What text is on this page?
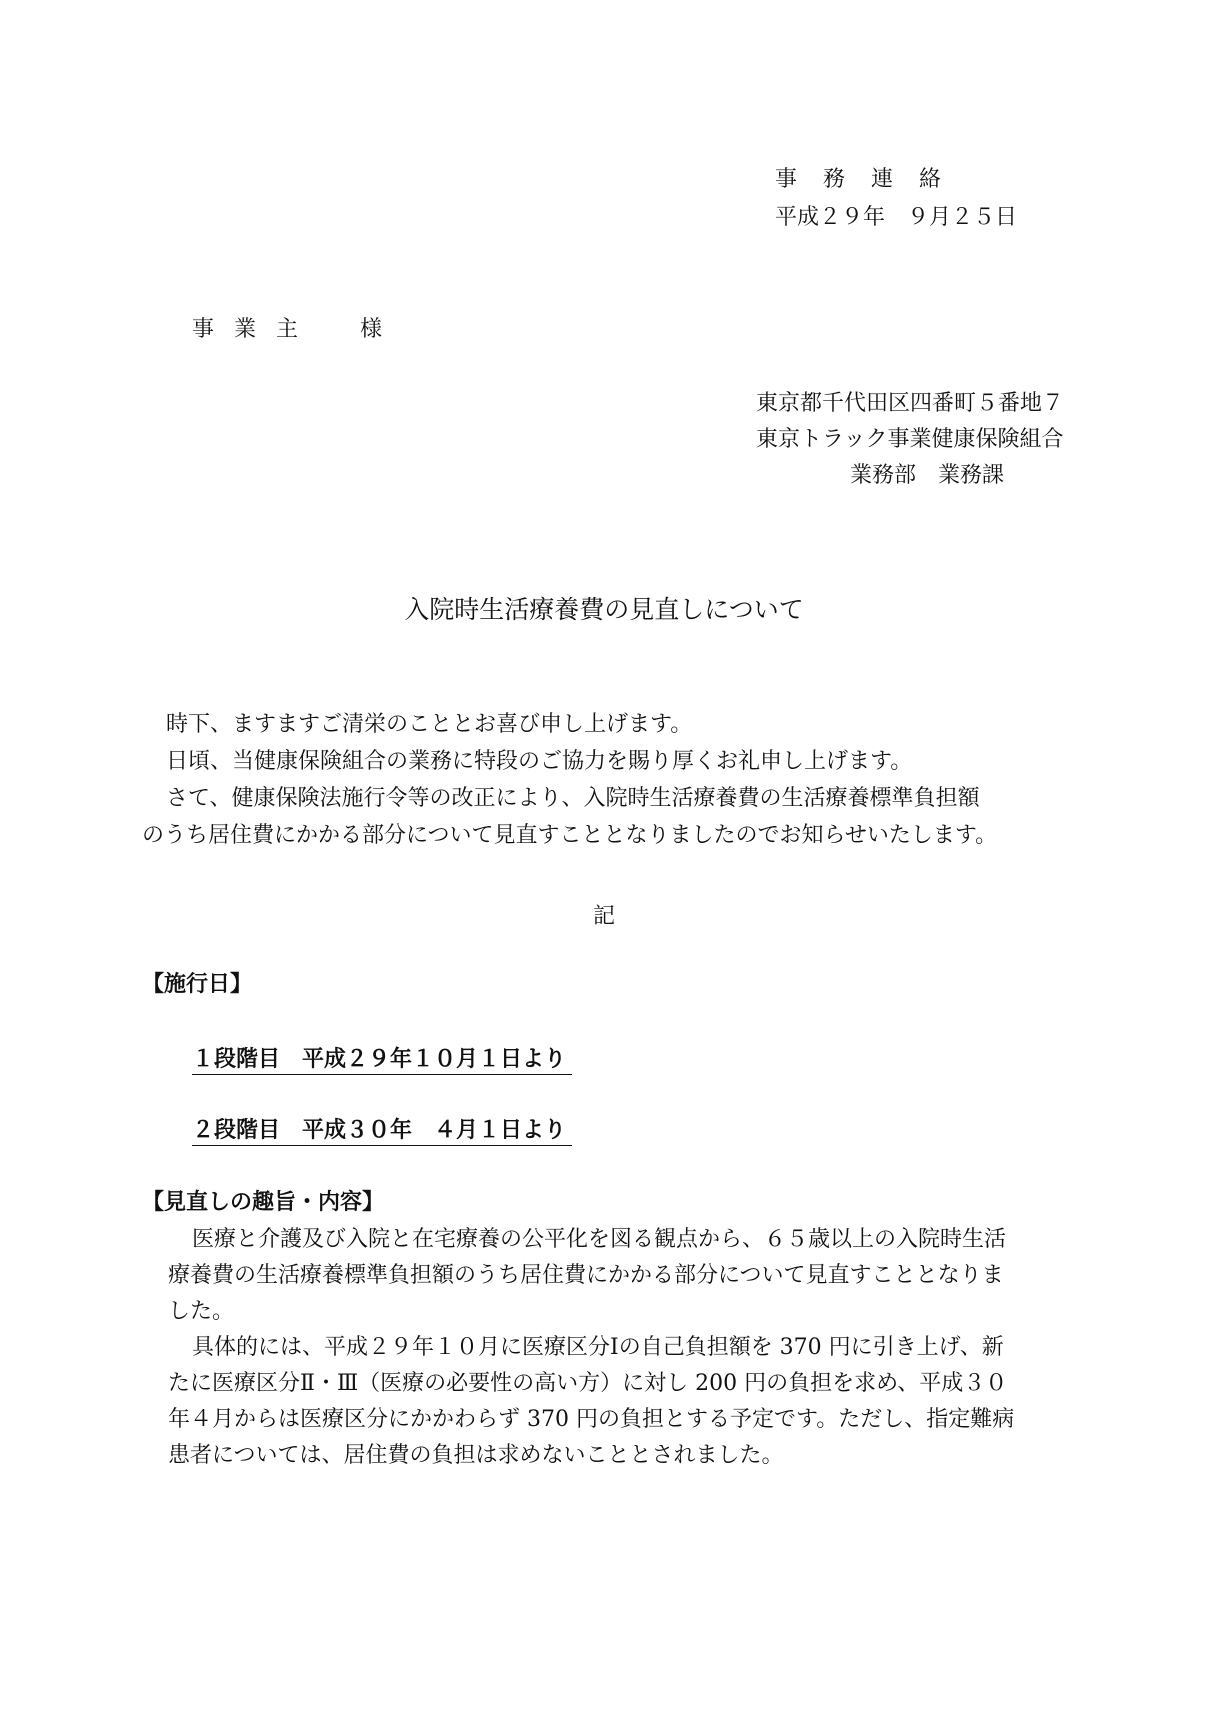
事務連絡
平成２９年　９月２５日
事業主　様
東京都千代田区四番町５番地７
東京トラック事業健康保険組合
業務部　業務課
入院時生活療養費の見直しについて
時下、ますますご清栄のこととお喜び申し上げます。
日頃、当健康保険組合の業務に特段のご協力を賜り厚くお礼申し上げます。
さて、健康保険法施行令等の改正により、入院時生活療養費の生活療養標準負担額
のうち居住費にかかる部分について見直すこととなりましたのでお知らせいたします。
記
【施行日】
１段階目　平成２９年１０月１日より
２段階目　平成３０年　４月１日より
【見直しの趣旨・内容】
医療と介護及び入院と在宅療養の公平化を図る観点から、６５歳以上の入院時生活
療養費の生活療養標準負担額のうち居住費にかかる部分について見直すこととなりま
した。
具体的には、平成２９年１０月に医療区分Ⅰの自己負担額を 370 円に引き上げ、新
たに医療区分Ⅱ・Ⅲ（医療の必要性の高い方）に対し 200 円の負担を求め、平成３０
年４月からは医療区分にかかわらず 370 円の負担とする予定です。ただし、指定難病
患者については、居住費の負担は求めないこととされました。
